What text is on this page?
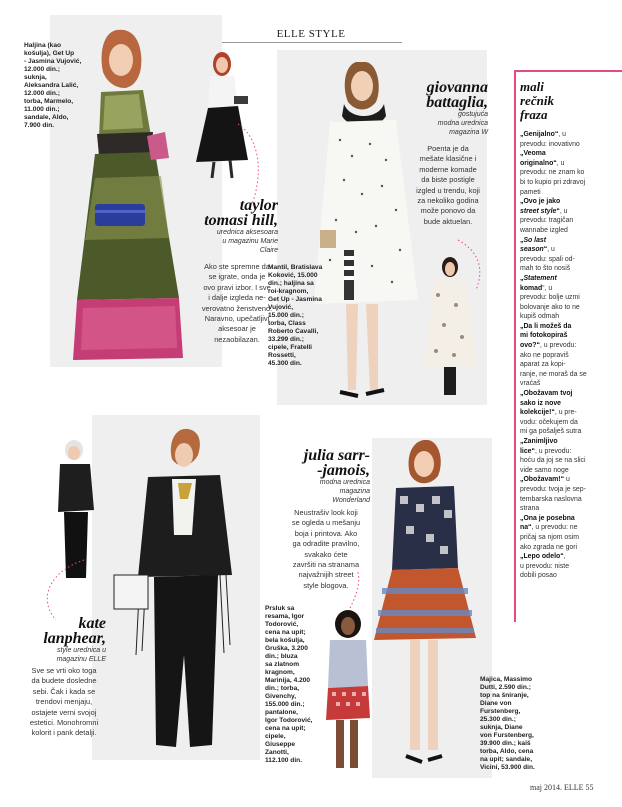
ELLE STYLE
Haljina (kao
košulja), Get Up
- Jasmina Vujović,
12.000 din.;
suknja,
Aleksandra Lalić,
12.000 din.;
torba, Marmelo,
11.000 din.;
sandale, Aldo,
7.900 din.
Mantil, Bratislava
Koković, 15.000
din.; haljina sa
roi-kragnom,
Get Up - Jasmina
Vujović,
15.000 din.;
torba, Class
Roberto Cavalli,
33.299 din.;
cipele, Fratelli
Rossetti,
45.300 din.
Prsluk sa
resama, Igor
Todorović,
cena na upit;
bela košulja,
Gruška, 3.200
din.; bluza
sa zlatnom
kragnom,
Marinija, 4.200
din.; torba,
Givenchy,
155.000 din.;
pantalone,
Igor Todorović,
cena na upit;
cipele,
Giuseppe
Zanotti,
112.100 din.
Majica, Massimo
Dutti, 2.590 din.;
top na šniranje,
Diane von
Furstenberg,
25.300 din.;
suknja, Diane
von Furstenberg,
39.900 din.; kaiš
torba, Aldo, cena
na upit; sandale,
Vicini, 53.900 din.
taylor
tomasi hill,
urednica aksesoara
u magazinu Marie
Claire
Ako ste spremne da
se igrate, onda je
ovo pravi izbor. I sve
i dalje izgleda ne-
verovatno ženstveno.
Naravno, upečatljivi
aksesoar je
nezaobilazan.
giovanna
battaglia,
gostujuća
modna urednica
magazina W
Poenta je da
mešate klasične i
moderne komade
da biste postigle
izgled u trendu, koji
za nekoliko godina
može ponovo da
bude aktuelan.
julia sarr-
-jamois,
modna urednica
magazina
Wonderland
Neustrašiv look koji
se ogleda u mešanju
boja i printova. Ako
ga odradite pravilno,
svakako ćete
završiti na stranama
najvažnijih street
style blogova.
kate
lanphear,
style urednica u
magazinu ELLE
Sve se vrti oko toga
da budete dosledne
sebi. Čak i kada se
trendovi menjaju,
ostajete verni svojoj
estetici. Monohromni
kolorit i pank detalji.
mali
rečnik
fraza
„Genijalno“, u
prevodu: inovativno
„Veoma
originalno“, u
prevodu: ne znam ko
bi to kupio pri zdravoj
pameti
„Ovo je jako
street style“, u
prevodu: tragičan
wannabe izgled
„So last
season“, u
prevodu: spali od-
mah to što nosiš
„Statement
komad“, u
prevodu: bolje uzmi
bolovanje ako to ne
kupiš odmah
„Da li možeš da
mi fotokopiraš
ovo?“, u prevodu:
ako ne popraviš
aparat za kopi-
ranje, ne moraš da se
vraćaš
„Obožavam tvoj
sako iz nove
kolekcije!“, u pre-
vodu: očekujem da
mi ga pošalješ sutra
„Zanimljivo
lice“, u prevodu:
hoću da joj se na slici
vide samo noge
„Obožavam!“ u
prevodu: tvoja je sep-
tembarska naslovna
strana
„Ona je posebna
na“, u prevodu: ne
pričaj sa njom osim
ako zgrada ne gori
„Lepo odelo“,
u prevodu: niste
dobili posao
maj 2014. ELLE 55
